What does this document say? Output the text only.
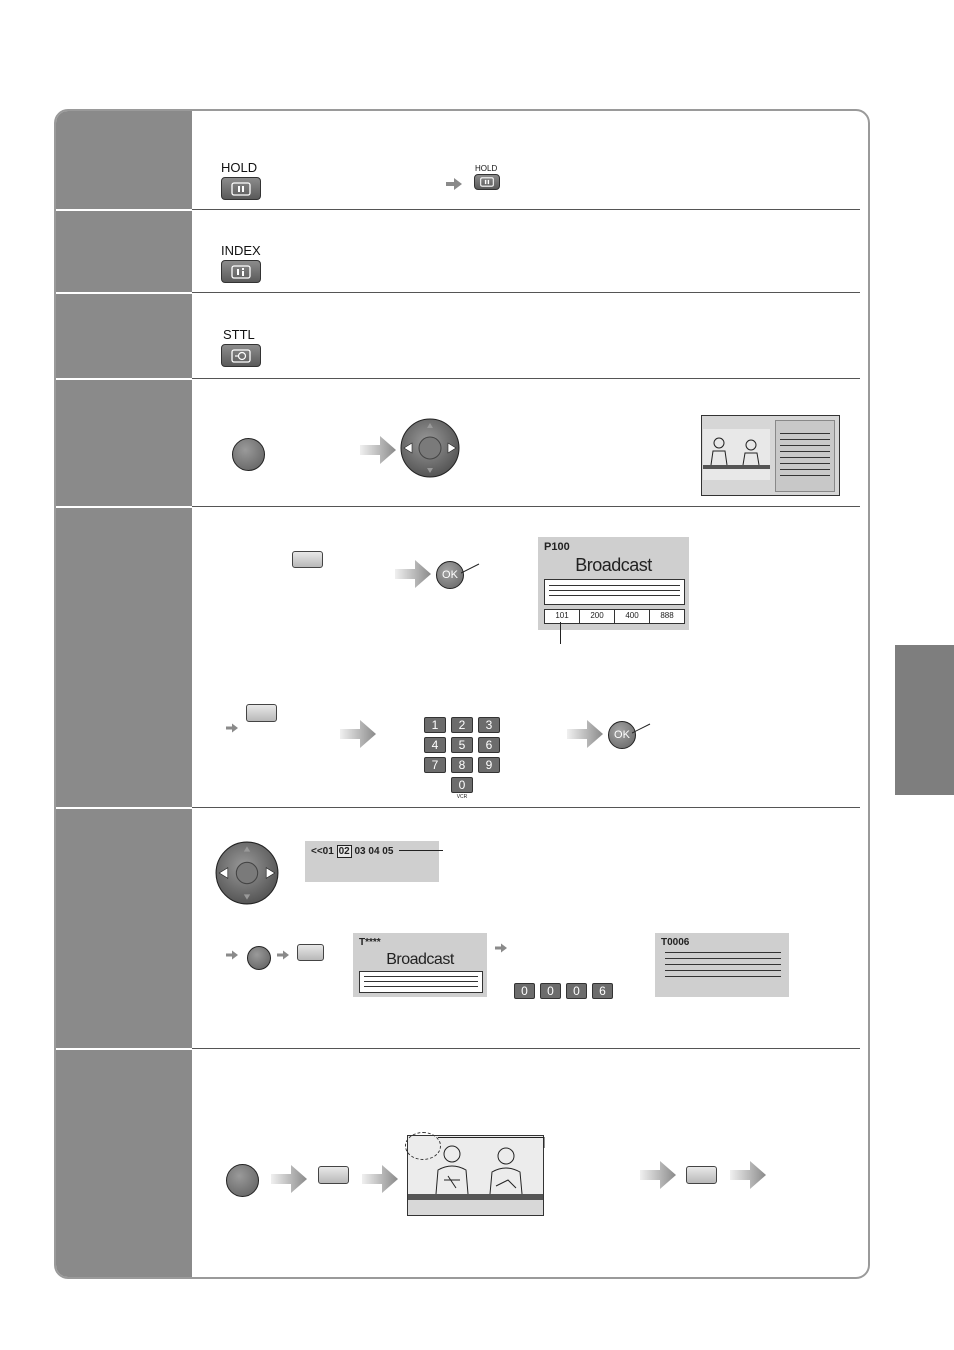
HOLD	HOLD
INDEX
STTL
OK
P100
Broadcast
101	200	400	888
1	2	3
4	5	6
7	8	9
0
VCR
OK
<<01 02 03 04 05
T****
Broadcast
0	0	0	6
T0006
